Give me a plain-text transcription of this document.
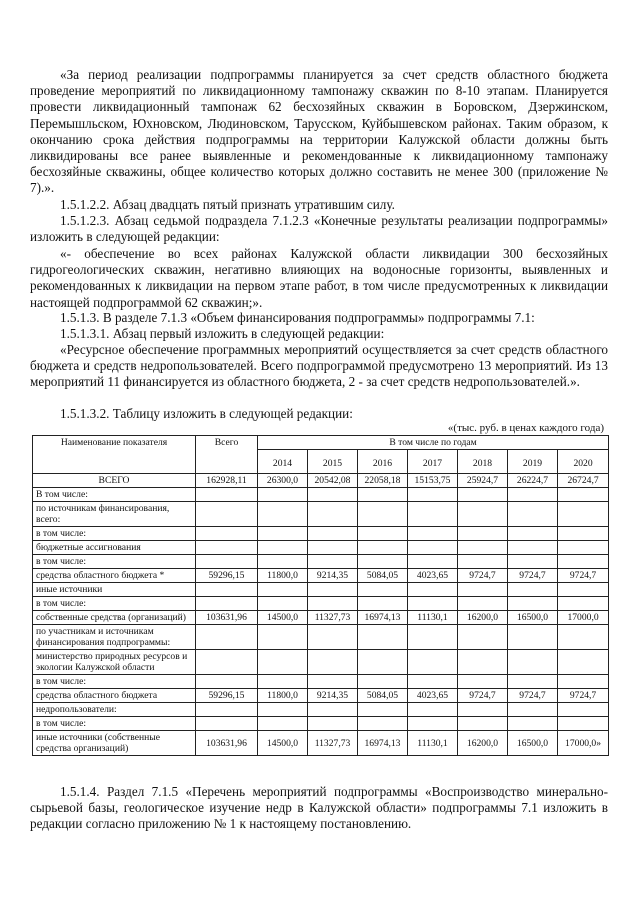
«За период реализации подпрограммы планируется за счет средств областного бюджета проведение мероприятий по ликвидационному тампонажу скважин по 8-10 этапам. Планируется провести ликвидационный тампонаж 62 бесхозяйных скважин в Боровском, Дзержинском, Перемышльском, Юхновском, Людиновском, Тарусском, Куйбышевском районах. Таким образом, к окончанию срока действия подпрограммы на территории Калужской области должны быть ликвидированы все ранее выявленные и рекомендованные к ликвидационному тампонажу бесхозяйные скважины, общее количество которых должно составить не менее 300 (приложение № 7).».
1.5.1.2.2. Абзац двадцать пятый признать утратившим силу.
1.5.1.2.3. Абзац седьмой подраздела 7.1.2.3 «Конечные результаты реализации подпрограммы» изложить в следующей редакции:
«- обеспечение во всех районах Калужской области ликвидации 300 бесхозяйных гидрогеологических скважин, негативно влияющих на водоносные горизонты, выявленных и рекомендованных к ликвидации на первом этапе работ, в том числе предусмотренных к ликвидации настоящей подпрограммой 62 скважин;».
1.5.1.3. В разделе 7.1.3 «Объем финансирования подпрограммы» подпрограммы 7.1:
1.5.1.3.1. Абзац первый изложить в следующей редакции:
«Ресурсное обеспечение программных мероприятий осуществляется за счет средств областного бюджета и средств недропользователей. Всего подпрограммой предусмотрено 13 мероприятий. Из 13 мероприятий 11 финансируется из областного бюджета, 2 - за счет средств недропользователей.».
1.5.1.3.2. Таблицу изложить в следующей редакции:
«(тыс. руб. в ценах каждого года)
Наименование показателя	Всего	В том числе по годам						
		2014	2015	2016	2017	2018	2019	2020
ВСЕГО	162928,11	26300,0	20542,08	22058,18	15153,75	25924,7	26224,7	26724,7
В том числе:								
по источникам финансирования, всего:								
в том числе:								
бюджетные ассигнования								
в том числе:								
средства областного бюджета *	59296,15	11800,0	9214,35	5084,05	4023,65	9724,7	9724,7	9724,7
иные источники								
в том числе:								
собственные средства (организаций)	103631,96	14500,0	11327,73	16974,13	11130,1	16200,0	16500,0	17000,0
по участникам и источникам финансирования подпрограммы:								
министерство природных ресурсов и экологии Калужской области								
в том числе:								
средства областного бюджета	59296,15	11800,0	9214,35	5084,05	4023,65	9724,7	9724,7	9724,7
недропользователи:								
в том числе:								
иные источники (собственные средства организаций)	103631,96	14500,0	11327,73	16974,13	11130,1	16200,0	16500,0	17000,0»
1.5.1.4. Раздел 7.1.5 «Перечень мероприятий подпрограммы «Воспроизводство минерально-сырьевой базы, геологическое изучение недр в Калужской области» подпрограммы 7.1 изложить в редакции согласно приложению № 1 к настоящему постановлению.
